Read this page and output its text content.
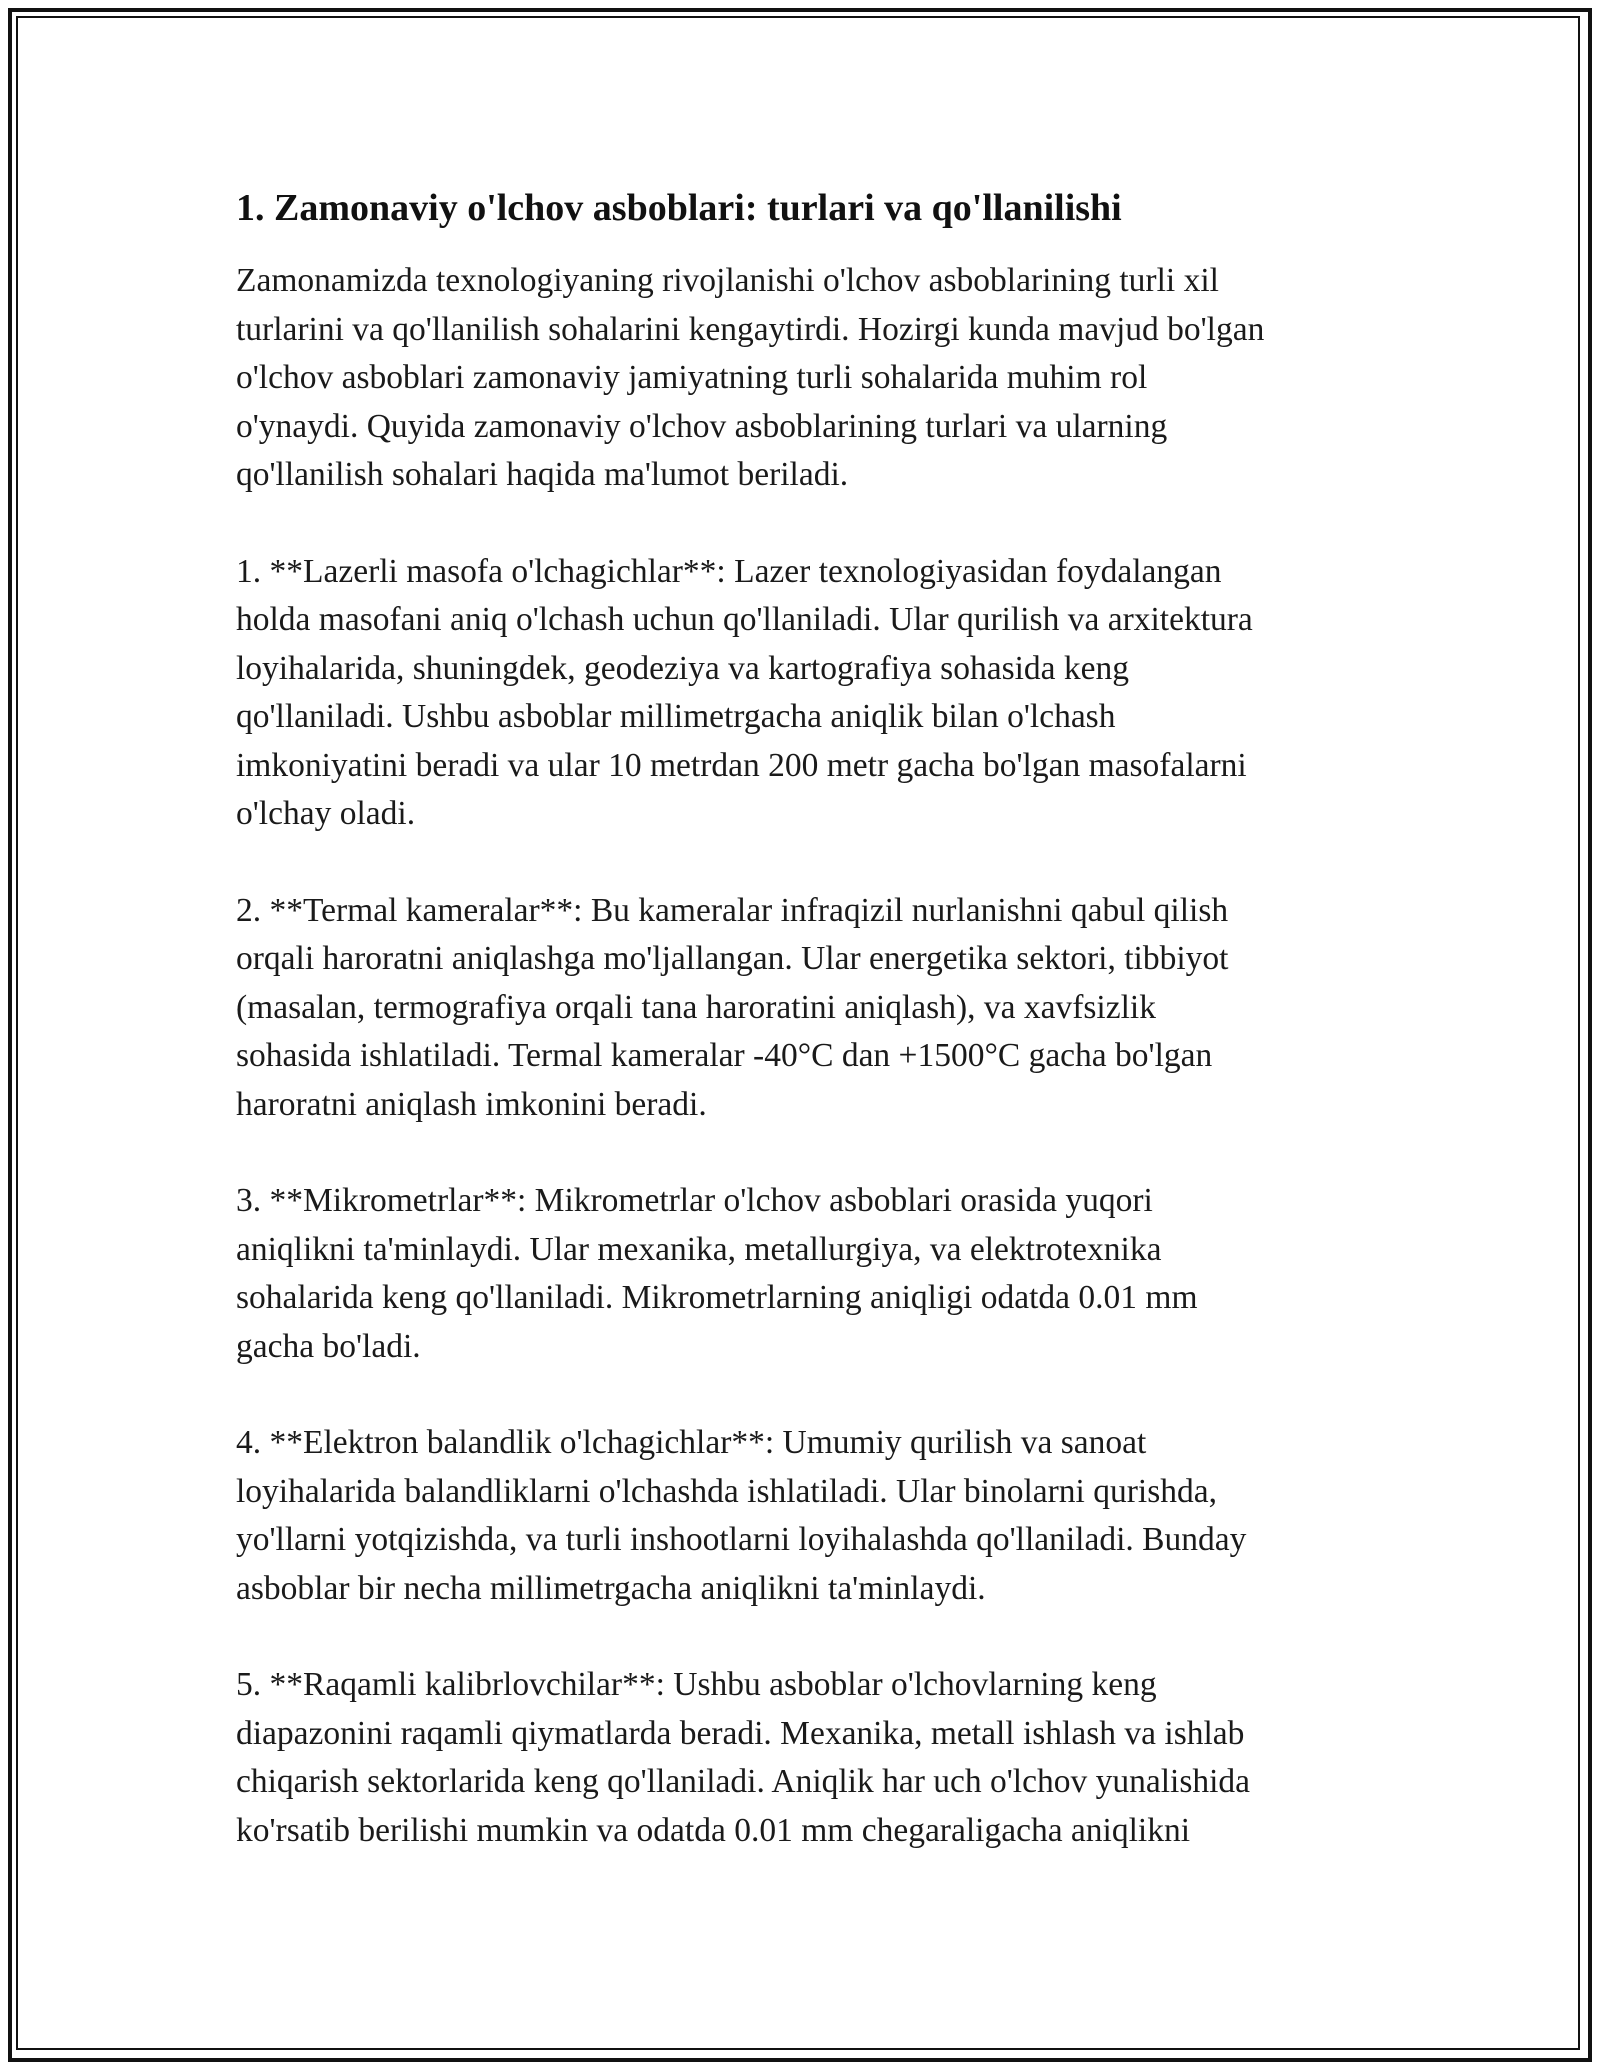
1. Zamonaviy o'lchov asboblari: turlari va qo'llanilishi

Zamonamizda texnologiyaning rivojlanishi o'lchov asboblarining turli xil
turlarini va qo'llanilish sohalarini kengaytirdi. Hozirgi kunda mavjud bo'lgan
o'lchov asboblari zamonaviy jamiyatning turli sohalarida muhim rol
o'ynaydi. Quyida zamonaviy o'lchov asboblarining turlari va ularning
qo'llanilish sohalari haqida ma'lumot beriladi.

1. **Lazerli masofa o'lchagichlar**: Lazer texnologiyasidan foydalangan
holda masofani aniq o'lchash uchun qo'llaniladi. Ular qurilish va arxitektura
loyihalarida, shuningdek, geodeziya va kartografiya sohasida keng
qo'llaniladi. Ushbu asboblar millimetrgacha aniqlik bilan o'lchash
imkoniyatini beradi va ular 10 metrdan 200 metr gacha bo'lgan masofalarni
o'lchay oladi.

2. **Termal kameralar**: Bu kameralar infraqizil nurlanishni qabul qilish
orqali haroratni aniqlashga mo'ljallangan. Ular energetika sektori, tibbiyot
(masalan, termografiya orqali tana haroratini aniqlash), va xavfsizlik
sohasida ishlatiladi. Termal kameralar -40°C dan +1500°C gacha bo'lgan
haroratni aniqlash imkonini beradi.

3. **Mikrometrlar**: Mikrometrlar o'lchov asboblari orasida yuqori
aniqlikni ta'minlaydi. Ular mexanika, metallurgiya, va elektrotexnika
sohalarida keng qo'llaniladi. Mikrometrlarning aniqligi odatda 0.01 mm
gacha bo'ladi.

4. **Elektron balandlik o'lchagichlar**: Umumiy qurilish va sanoat
loyihalarida balandliklarni o'lchashda ishlatiladi. Ular binolarni qurishda,
yo'llarni yotqizishda, va turli inshootlarni loyihalashda qo'llaniladi. Bunday
asboblar bir necha millimetrgacha aniqlikni ta'minlaydi.

5. **Raqamli kalibrlovchilar**: Ushbu asboblar o'lchovlarning keng
diapazonini raqamli qiymatlarda beradi. Mexanika, metall ishlash va ishlab
chiqarish sektorlarida keng qo'llaniladi. Aniqlik har uch o'lchov yunalishida
ko'rsatib berilishi mumkin va odatda 0.01 mm chegaraligacha aniqlikni
